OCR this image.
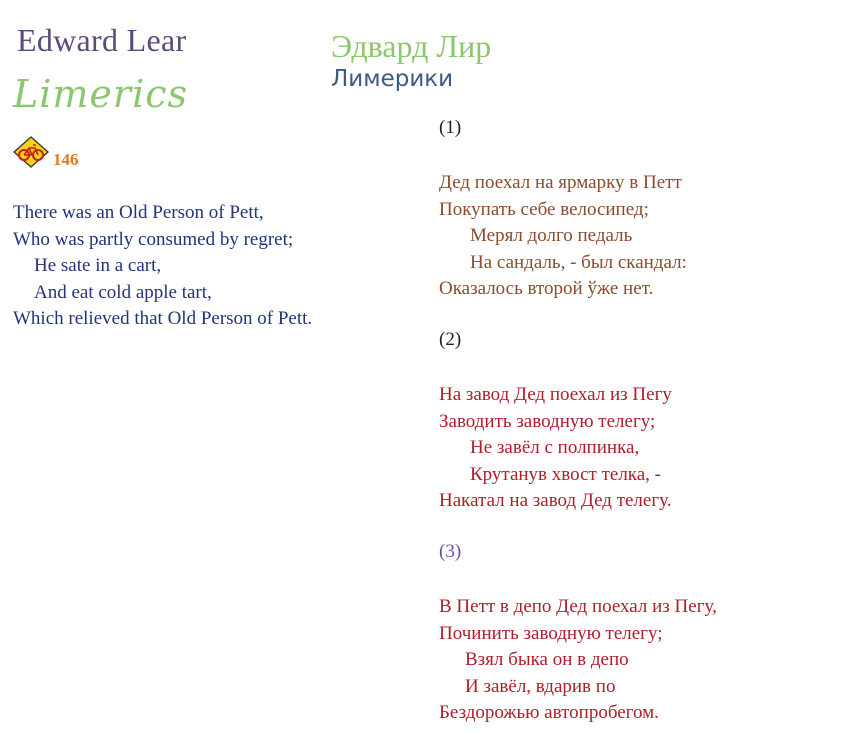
Edward Lear
Limerics
146
There was an Old Person of Pett,
Who was partly consumed by regret;
He sate in a cart,
And eat cold apple tart,
Which relieved that Old Person of Pett.
Эдвард Лир
Лимерики
(1)
Дед поехал на ярмарку в Петт
Покупать себе велосипед;
Мерял долго педаль
На сандаль, - был скандал:
Оказалось второй ўже нет.
(2)
На завод Дед поехал из Пегу
Заводить заводную телегу;
Не завёл с полпинка,
Крутанув хвост телка, -
Накатал на завод Дед телегу.
(3)
В Петт в депо Дед поехал из Пегу,
Починить заводную телегу;
Взял быка он в депо
И завёл, вдарив по
Бездорожью автопробегом.
